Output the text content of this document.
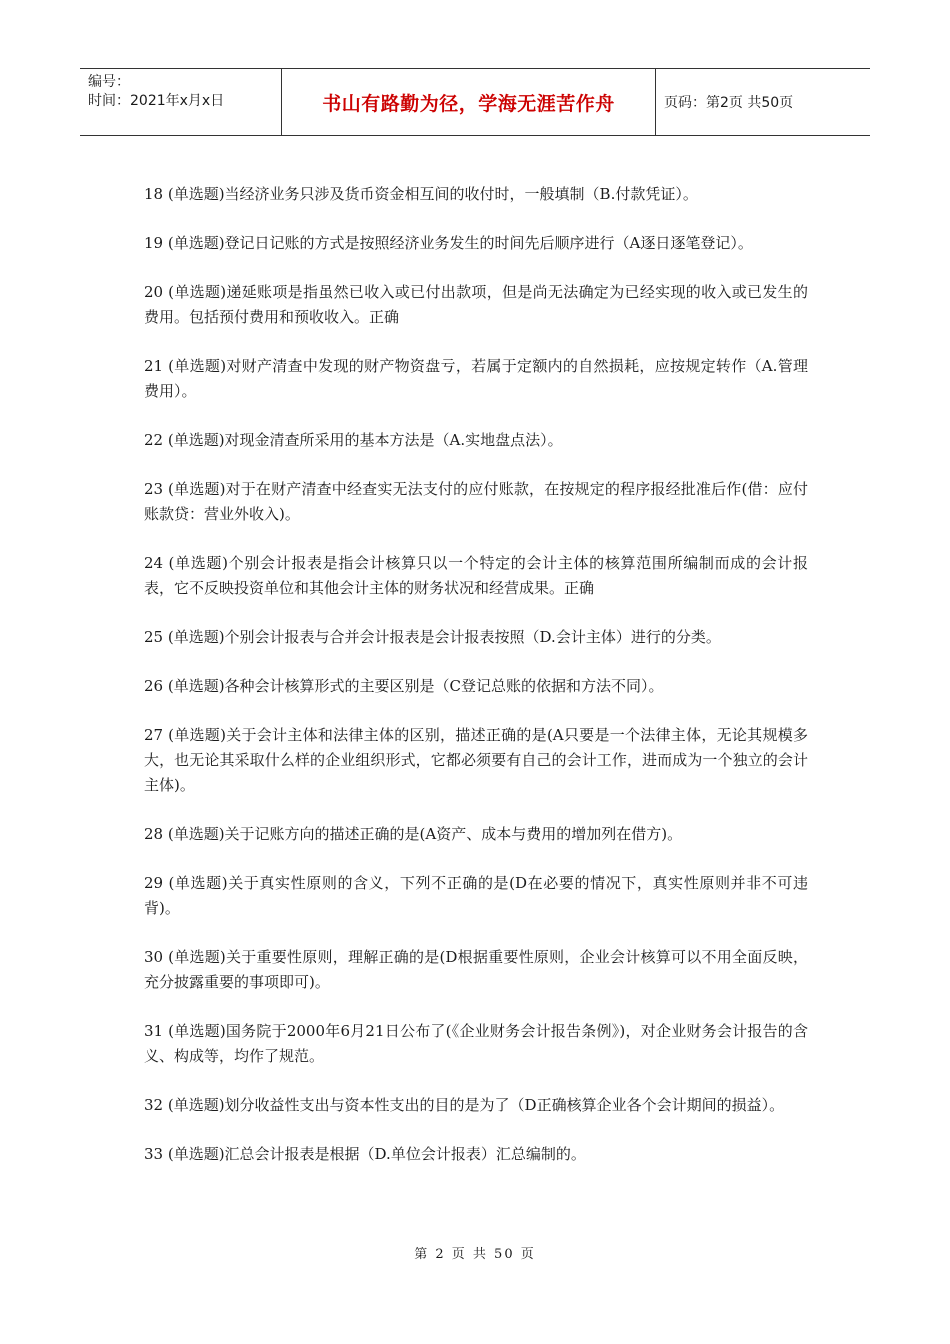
编号：
时间：2021年x月x日	书山有路勤为径，学海无涯苦作舟	页码：第2页 共50页

18 (单选题)当经济业务只涉及货币资金相互间的收付时，一般填制（B.付款凭证）。

19 (单选题)登记日记账的方式是按照经济业务发生的时间先后顺序进行（A逐日逐笔登记）。

20 (单选题)递延账项是指虽然已收入或已付出款项，但是尚无法确定为已经实现的收入或已发生的费用。包括预付费用和预收收入。正确

21 (单选题)对财产清查中发现的财产物资盘亏，若属于定额内的自然损耗，应按规定转作（A.管理费用）。

22 (单选题)对现金清查所采用的基本方法是（A.实地盘点法）。

23 (单选题)对于在财产清查中经查实无法支付的应付账款，在按规定的程序报经批准后作(借：应付账款贷：营业外收入)。

24 (单选题)个别会计报表是指会计核算只以一个特定的会计主体的核算范围所编制而成的会计报表，它不反映投资单位和其他会计主体的财务状况和经营成果。正确

25 (单选题)个别会计报表与合并会计报表是会计报表按照（D.会计主体）进行的分类。

26 (单选题)各种会计核算形式的主要区别是（C登记总账的依据和方法不同）。

27 (单选题)关于会计主体和法律主体的区别，描述正确的是(A只要是一个法律主体，无论其规模多大，也无论其采取什么样的企业组织形式，它都必须要有自己的会计工作，进而成为一个独立的会计主体)。

28 (单选题)关于记账方向的描述正确的是(A资产、成本与费用的增加列在借方)。

29 (单选题)关于真实性原则的含义，下列不正确的是(D在必要的情况下，真实性原则并非不可违背)。

30 (单选题)关于重要性原则，理解正确的是(D根据重要性原则，企业会计核算可以不用全面反映，充分披露重要的事项即可)。

31 (单选题)国务院于2000年6月21日公布了(《企业财务会计报告条例》)，对企业财务会计报告的含义、构成等，均作了规范。

32 (单选题)划分收益性支出与资本性支出的目的是为了（D正确核算企业各个会计期间的损益）。

33 (单选题)汇总会计报表是根据（D.单位会计报表）汇总编制的。

第 2 页 共 50 页
